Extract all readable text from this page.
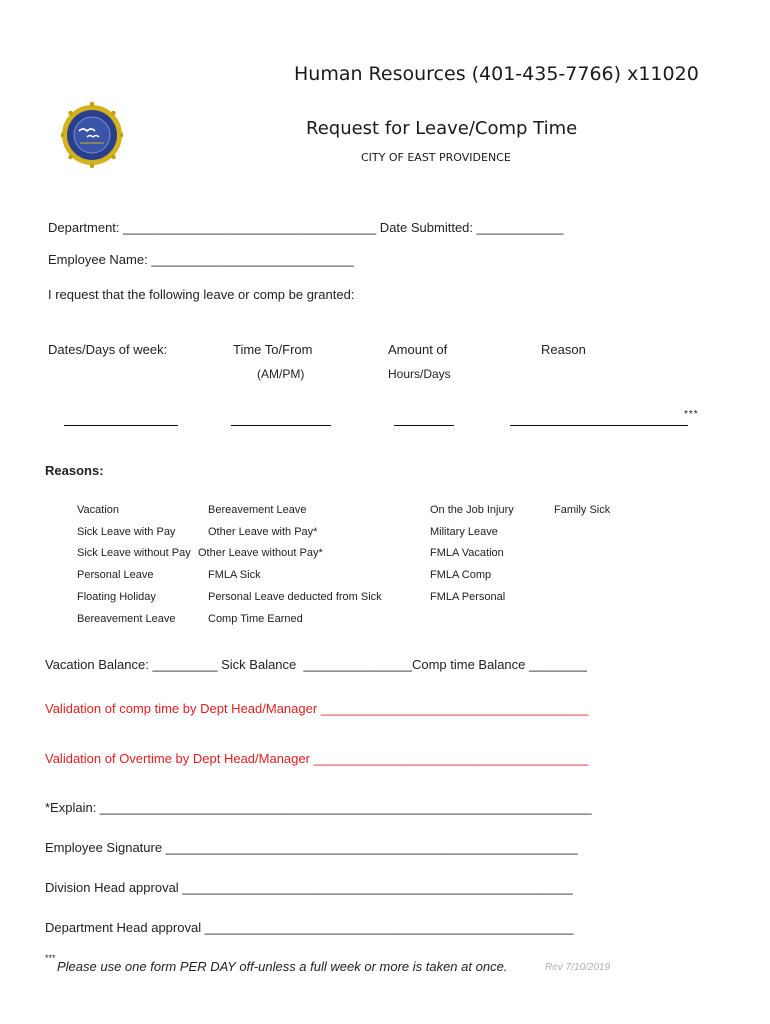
Human Resources (401-435-7766) x11020
Request for Leave/Comp Time
CITY OF EAST PROVIDENCE
Department: ___________________________________ Date Submitted: ____________
Employee Name: ____________________________
I request that the following leave or comp be granted:
Dates/Days of week:	Time To/From
(AM/PM)
Amount of
Hours/Days
Reason
***
Reasons:
Vacation
Sick Leave with Pay
Sick Leave without Pay
Personal Leave
Floating Holiday
Bereavement Leave
Bereavement Leave
Other Leave with Pay*
Other Leave without Pay*
FMLA Sick
Personal Leave deducted from Sick
Comp Time Earned
On the Job Injury
Military Leave
FMLA Vacation
FMLA Comp
FMLA Personal
Family Sick
Vacation Balance: _________ Sick Balance  _______________Comp time Balance ________
Validation of comp time by Dept Head/Manager _____________________________________
Validation of Overtime by Dept Head/Manager ______________________________________
*Explain: ____________________________________________________________________
Employee Signature _________________________________________________________
Division Head approval ______________________________________________________
Department Head approval ___________________________________________________
***
Please use one form PER DAY off-unless a full week or more is taken at once.	Rev 7/10/2019
